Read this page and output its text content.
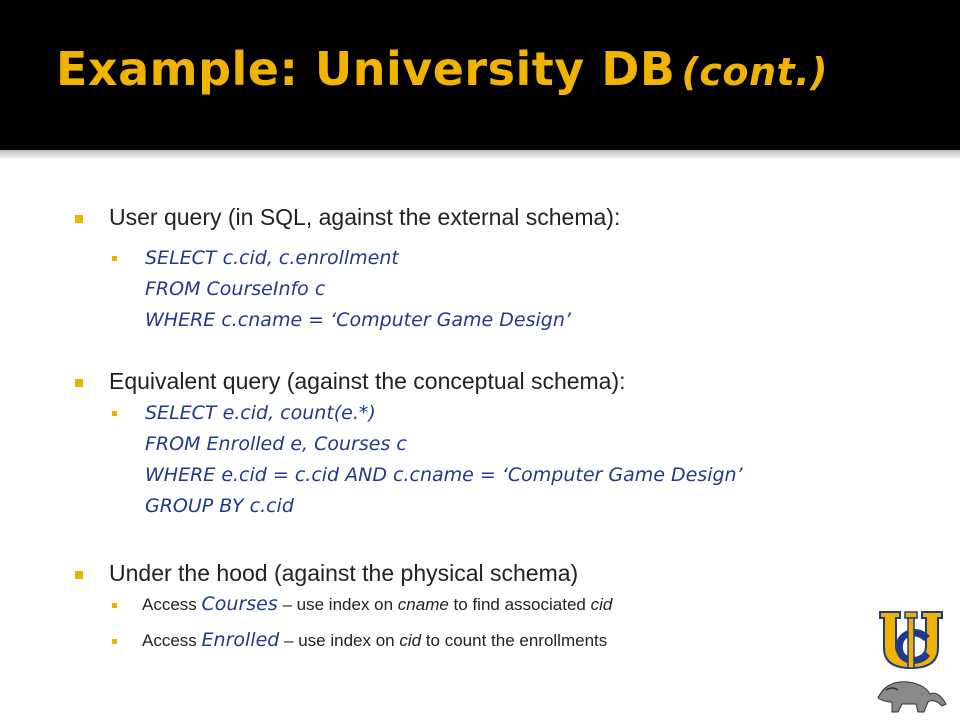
Example: University DB (cont.)
User query (in SQL, against the external schema):
SELECT c.cid, c.enrollment
FROM CourseInfo c
WHERE c.cname = ‘Computer Game Design’
Equivalent query (against the conceptual schema):
SELECT e.cid, count(e.*)
FROM Enrolled e, Courses c
WHERE e.cid = c.cid AND c.cname = ‘Computer Game Design’
GROUP BY c.cid
Under the hood (against the physical schema)
Access Courses – use index on cname to find associated cid
Access Enrolled – use index on cid to count the enrollments
